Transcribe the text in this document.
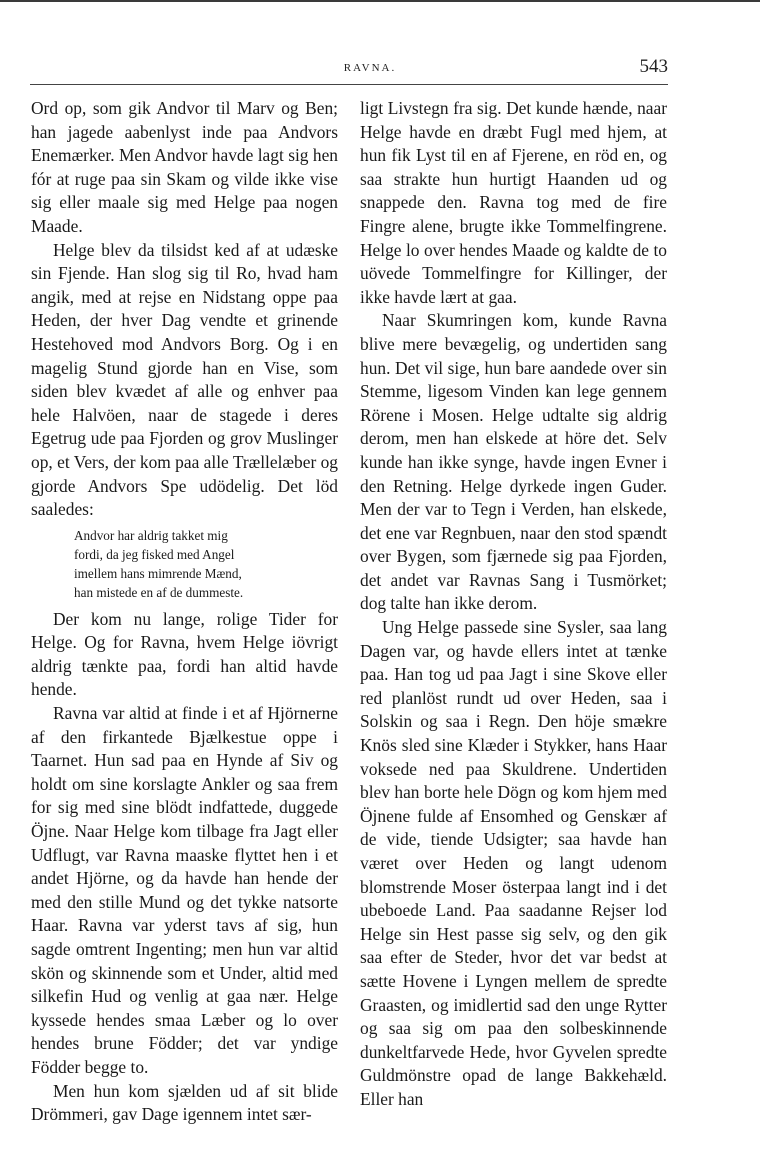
RAVNA.	543

Ord op, som gik Andvor til Marv og Ben; han jagede aabenlyst inde paa Andvors Enemærker. Men Andvor havde lagt sig hen fór at ruge paa sin Skam og vilde ikke vise sig eller maale sig med Helge paa nogen Maade.

Helge blev da tilsidst ked af at udæske sin Fjende. Han slog sig til Ro, hvad ham angik, med at rejse en Nidstang oppe paa Heden, der hver Dag vendte et grinende Hestehoved mod Andvors Borg. Og i en magelig Stund gjorde han en Vise, som siden blev kvædet af alle og enhver paa hele Halvöen, naar de stagede i deres Egetrug ude paa Fjorden og grov Muslinger op, et Vers, der kom paa alle Trællelæber og gjorde Andvors Spe udödelig. Det löd saaledes:

Andvor har aldrig takket mig
fordi, da jeg fisked med Angel
imellem hans mimrende Mænd,
han mistede en af de dummeste.

Der kom nu lange, rolige Tider for Helge. Og for Ravna, hvem Helge iövrigt aldrig tænkte paa, fordi han altid havde hende.

Ravna var altid at finde i et af Hjörnerne af den firkantede Bjælkestue oppe i Taarnet. Hun sad paa en Hynde af Siv og holdt om sine korslagte Ankler og saa frem for sig med sine blödt indfattede, duggede Öjne. Naar Helge kom tilbage fra Jagt eller Udflugt, var Ravna maaske flyttet hen i et andet Hjörne, og da havde han hende der med den stille Mund og det tykke natsorte Haar. Ravna var yderst tavs af sig, hun sagde omtrent Ingenting; men hun var altid skön og skinnende som et Under, altid med silkefin Hud og venlig at gaa nær. Helge kyssede hendes smaa Læber og lo over hendes brune Födder; det var yndige Födder begge to.

Men hun kom sjælden ud af sit blide Drömmeri, gav Dage igennem intet sær-

ligt Livstegn fra sig. Det kunde hænde, naar Helge havde en dræbt Fugl med hjem, at hun fik Lyst til en af Fjerene, en röd en, og saa strakte hun hurtigt Haanden ud og snappede den. Ravna tog med de fire Fingre alene, brugte ikke Tommelfingrene. Helge lo over hendes Maade og kaldte de to uövede Tommelfingre for Killinger, der ikke havde lært at gaa.

Naar Skumringen kom, kunde Ravna blive mere bevægelig, og undertiden sang hun. Det vil sige, hun bare aandede over sin Stemme, ligesom Vinden kan lege gennem Rörene i Mosen. Helge udtalte sig aldrig derom, men han elskede at höre det. Selv kunde han ikke synge, havde ingen Evner i den Retning. Helge dyrkede ingen Guder. Men der var to Tegn i Verden, han elskede, det ene var Regnbuen, naar den stod spændt over Bygen, som fjærnede sig paa Fjorden, det andet var Ravnas Sang i Tusmörket; dog talte han ikke derom.

Ung Helge passede sine Sysler, saa lang Dagen var, og havde ellers intet at tænke paa. Han tog ud paa Jagt i sine Skove eller red planlöst rundt ud over Heden, saa i Solskin og saa i Regn. Den höje smækre Knös sled sine Klæder i Stykker, hans Haar voksede ned paa Skuldrene. Undertiden blev han borte hele Dögn og kom hjem med Öjnene fulde af Ensomhed og Genskær af de vide, tiende Udsigter; saa havde han været over Heden og langt udenom blomstrende Moser österpaa langt ind i det ubeboede Land. Paa saadanne Rejser lod Helge sin Hest passe sig selv, og den gik saa efter de Steder, hvor det var bedst at sætte Hovene i Lyngen mellem de spredte Graasten, og imidlertid sad den unge Rytter og saa sig om paa den solbeskinnende dunkeltfarvede Hede, hvor Gyvelen spredte Guldmönstre opad de lange Bakkehæld. Eller han
